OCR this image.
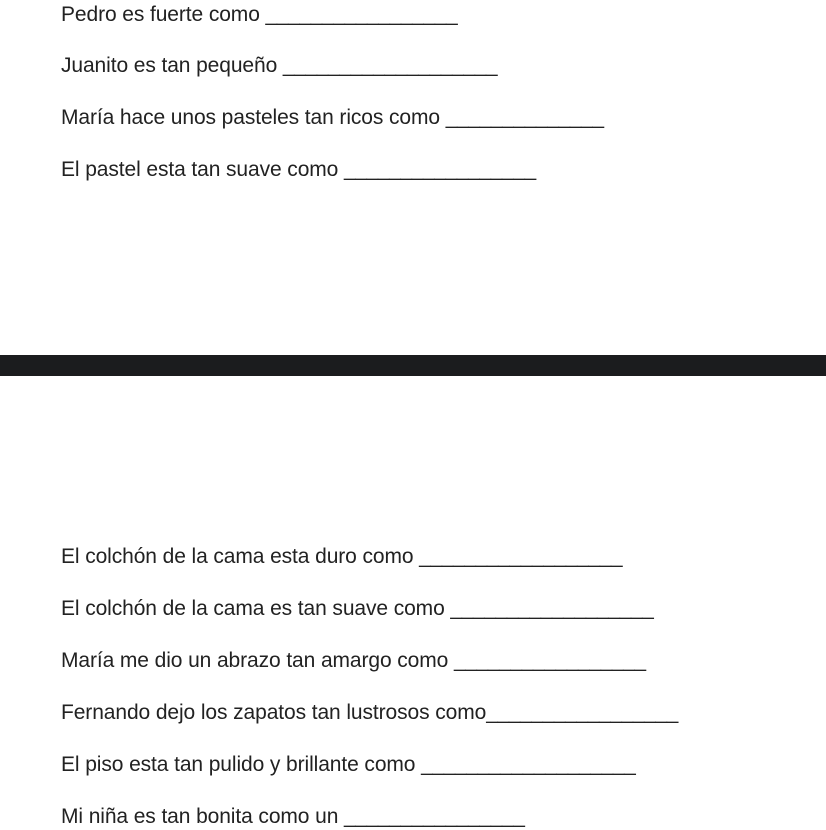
Pedro es fuerte como _________________
Juanito es tan pequeño ___________________
María hace unos pasteles tan ricos como ______________
El pastel esta tan suave como _________________
El colchón de la cama esta duro como __________________
El colchón de la cama es tan suave como __________________
María me dio un abrazo tan amargo como _________________
Fernando dejo los zapatos tan lustrosos como_________________
El piso esta tan pulido y brillante como ___________________
Mi niña es tan bonita como un ________________
